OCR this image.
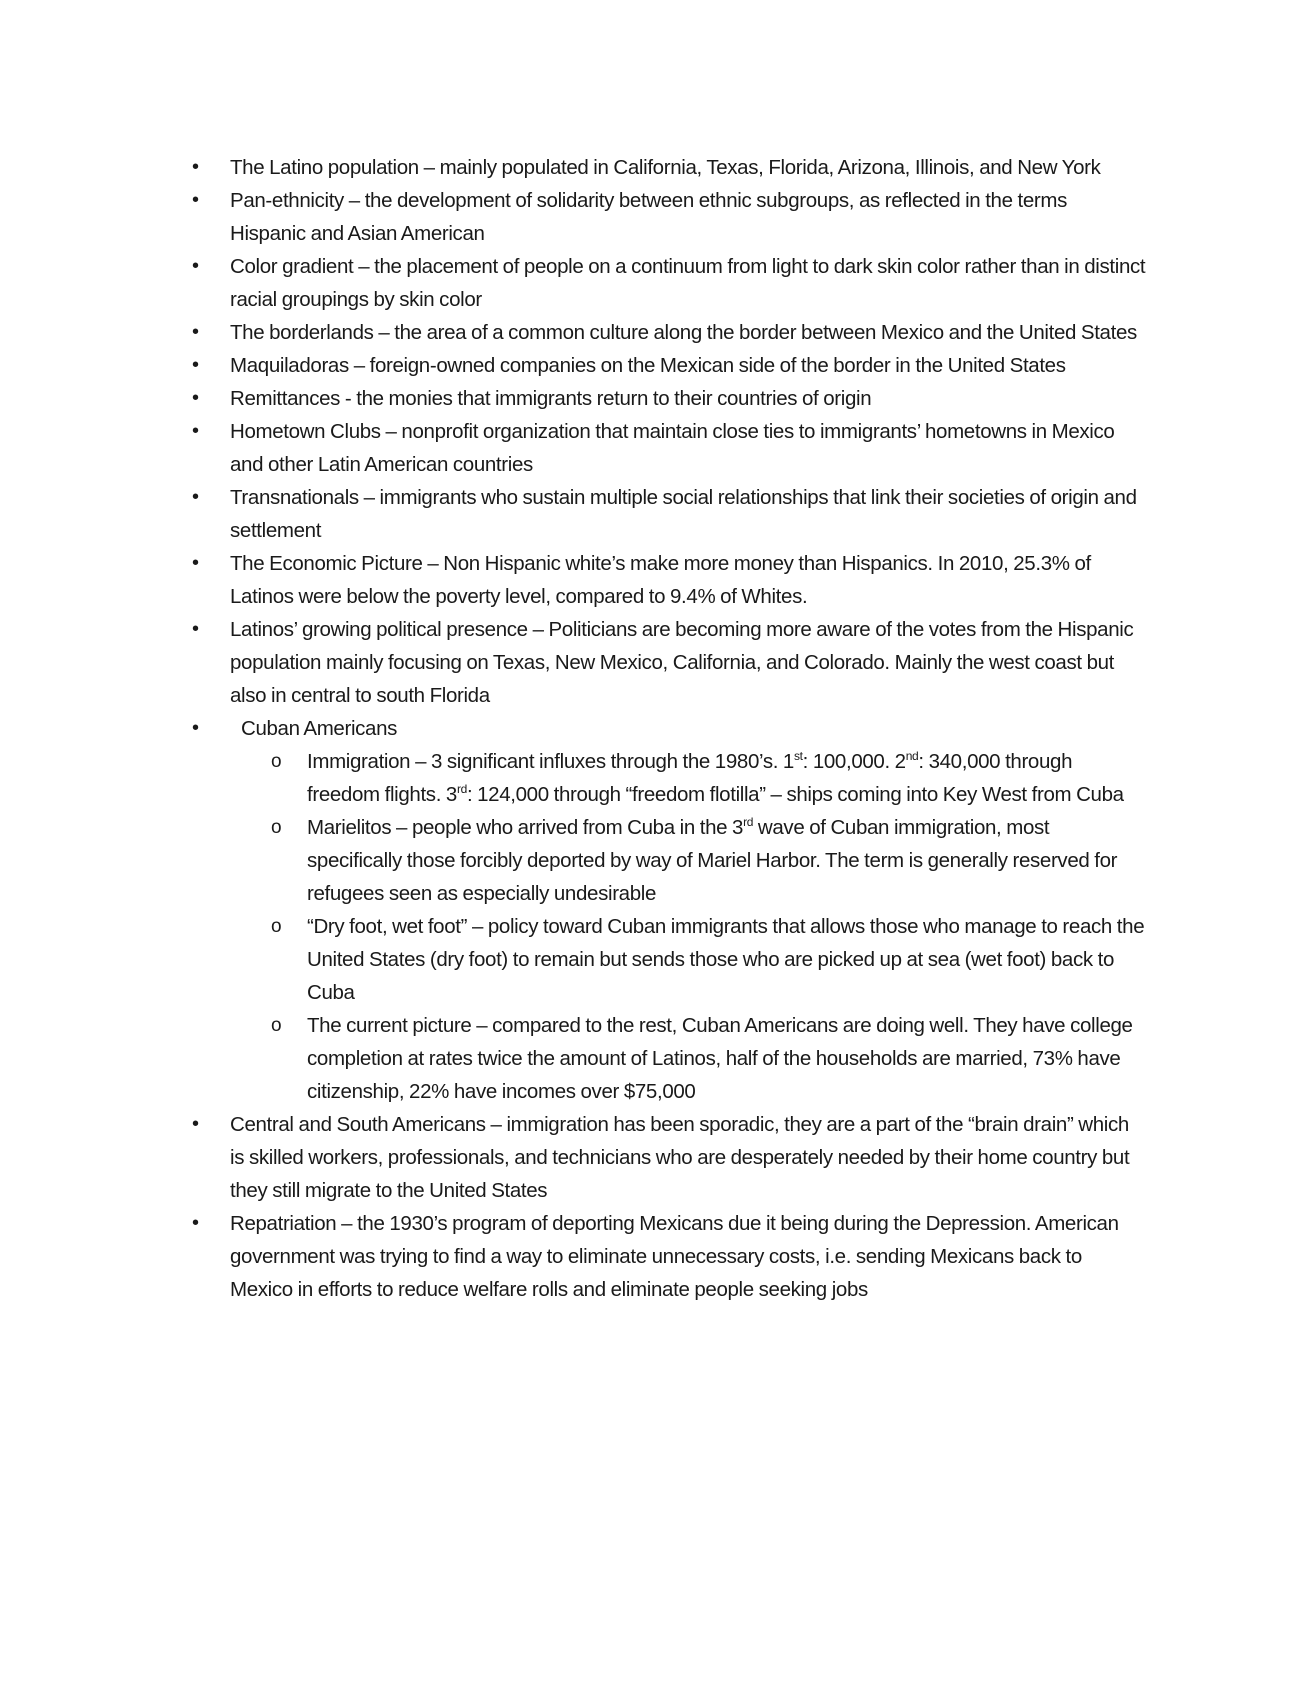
•	The Latino population – mainly populated in California, Texas, Florida, Arizona, Illinois, and New York
•	Pan-ethnicity – the development of solidarity between ethnic subgroups, as reflected in the terms Hispanic and Asian American
•	Color gradient – the placement of people on a continuum from light to dark skin color rather than in distinct racial groupings by skin color
•	The borderlands – the area of a common culture along the border between Mexico and the United States
•	Maquiladoras – foreign-owned companies on the Mexican side of the border in the United States
•	Remittances - the monies that immigrants return to their countries of origin
•	Hometown Clubs – nonprofit organization that maintain close ties to immigrants’ hometowns in Mexico and other Latin American countries
•	Transnationals – immigrants who sustain multiple social relationships that link their societies of origin and settlement
•	The Economic Picture – Non Hispanic white’s make more money than Hispanics. In 2010, 25.3% of Latinos were below the poverty level, compared to 9.4% of Whites.
•	Latinos’ growing political presence – Politicians are becoming more aware of the votes from the Hispanic population mainly focusing on Texas, New Mexico, California, and Colorado. Mainly the west coast but also in central to south Florida
•	Cuban Americans
o Immigration – 3 significant influxes through the 1980’s. 1st: 100,000. 2nd: 340,000 through freedom flights. 3rd: 124,000 through “freedom flotilla” – ships coming into Key West from Cuba
o Marielitos – people who arrived from Cuba in the 3rd wave of Cuban immigration, most specifically those forcibly deported by way of Mariel Harbor. The term is generally reserved for refugees seen as especially undesirable
o “Dry foot, wet foot” – policy toward Cuban immigrants that allows those who manage to reach the United States (dry foot) to remain but sends those who are picked up at sea (wet foot) back to Cuba
o The current picture – compared to the rest, Cuban Americans are doing well. They have college completion at rates twice the amount of Latinos, half of the households are married, 73% have citizenship, 22% have incomes over $75,000
•	Central and South Americans – immigration has been sporadic, they are a part of the “brain drain” which is skilled workers, professionals, and technicians who are desperately needed by their home country but they still migrate to the United States
•	Repatriation – the 1930’s program of deporting Mexicans due it being during the Depression. American government was trying to find a way to eliminate unnecessary costs, i.e. sending Mexicans back to Mexico in efforts to reduce welfare rolls and eliminate people seeking jobs
